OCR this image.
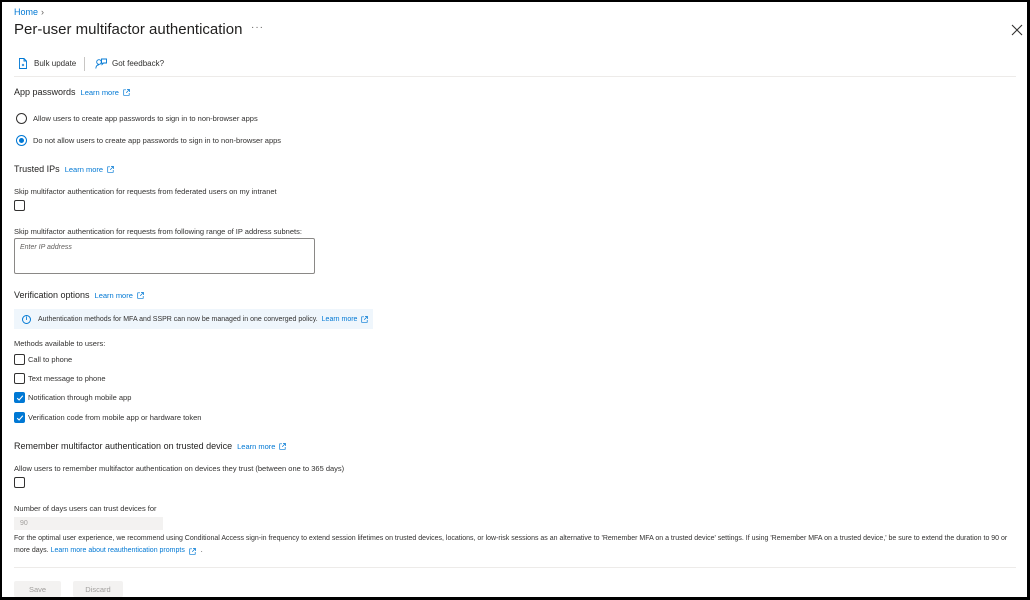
Home ›
Per-user multifactor authentication ···
Bulk update	Got feedback?
App passwords Learn more
Allow users to create app passwords to sign in to non-browser apps
Do not allow users to create app passwords to sign in to non-browser apps
Trusted IPs Learn more
Skip multifactor authentication for requests from federated users on my intranet
Skip multifactor authentication for requests from following range of IP address subnets:
Enter IP address
Verification options Learn more
i	Authentication methods for MFA and SSPR can now be managed in one converged policy. Learn more
Methods available to users:
Call to phone
Text message to phone
Notification through mobile app
Verification code from mobile app or hardware token
Remember multifactor authentication on trusted device Learn more
Allow users to remember multifactor authentication on devices they trust (between one to 365 days)
Number of days users can trust devices for
90
For the optimal user experience, we recommend using Conditional Access sign-in frequency to extend session lifetimes on trusted devices, locations, or low-risk sessions as an alternative to 'Remember MFA on a trusted device' settings. If using 'Remember MFA on a trusted device,' be sure to extend the duration to 90 or more days. Learn more about reauthentication prompts .
Save	Discard
